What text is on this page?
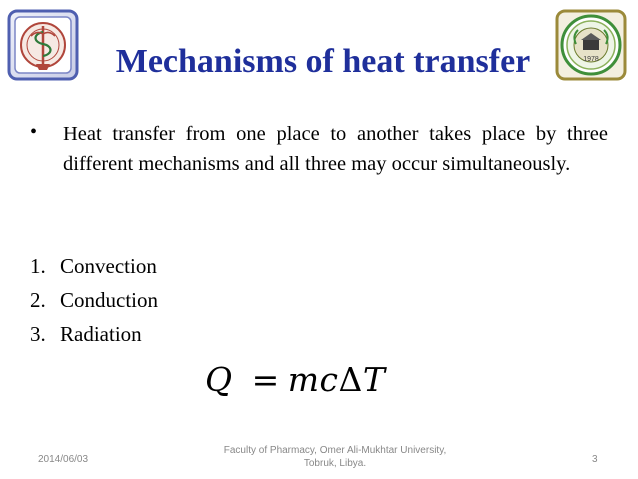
1978
Mechanisms of heat transfer
• Heat transfer from one place to another takes place by three different mechanisms and all three may occur simultaneously.
1. Convection
2. Conduction
3. Radiation
Q = mcΔT
2014/06/03
Faculty of Pharmacy, Omer Ali-Mukhtar University,
Tobruk, Libya.	3
